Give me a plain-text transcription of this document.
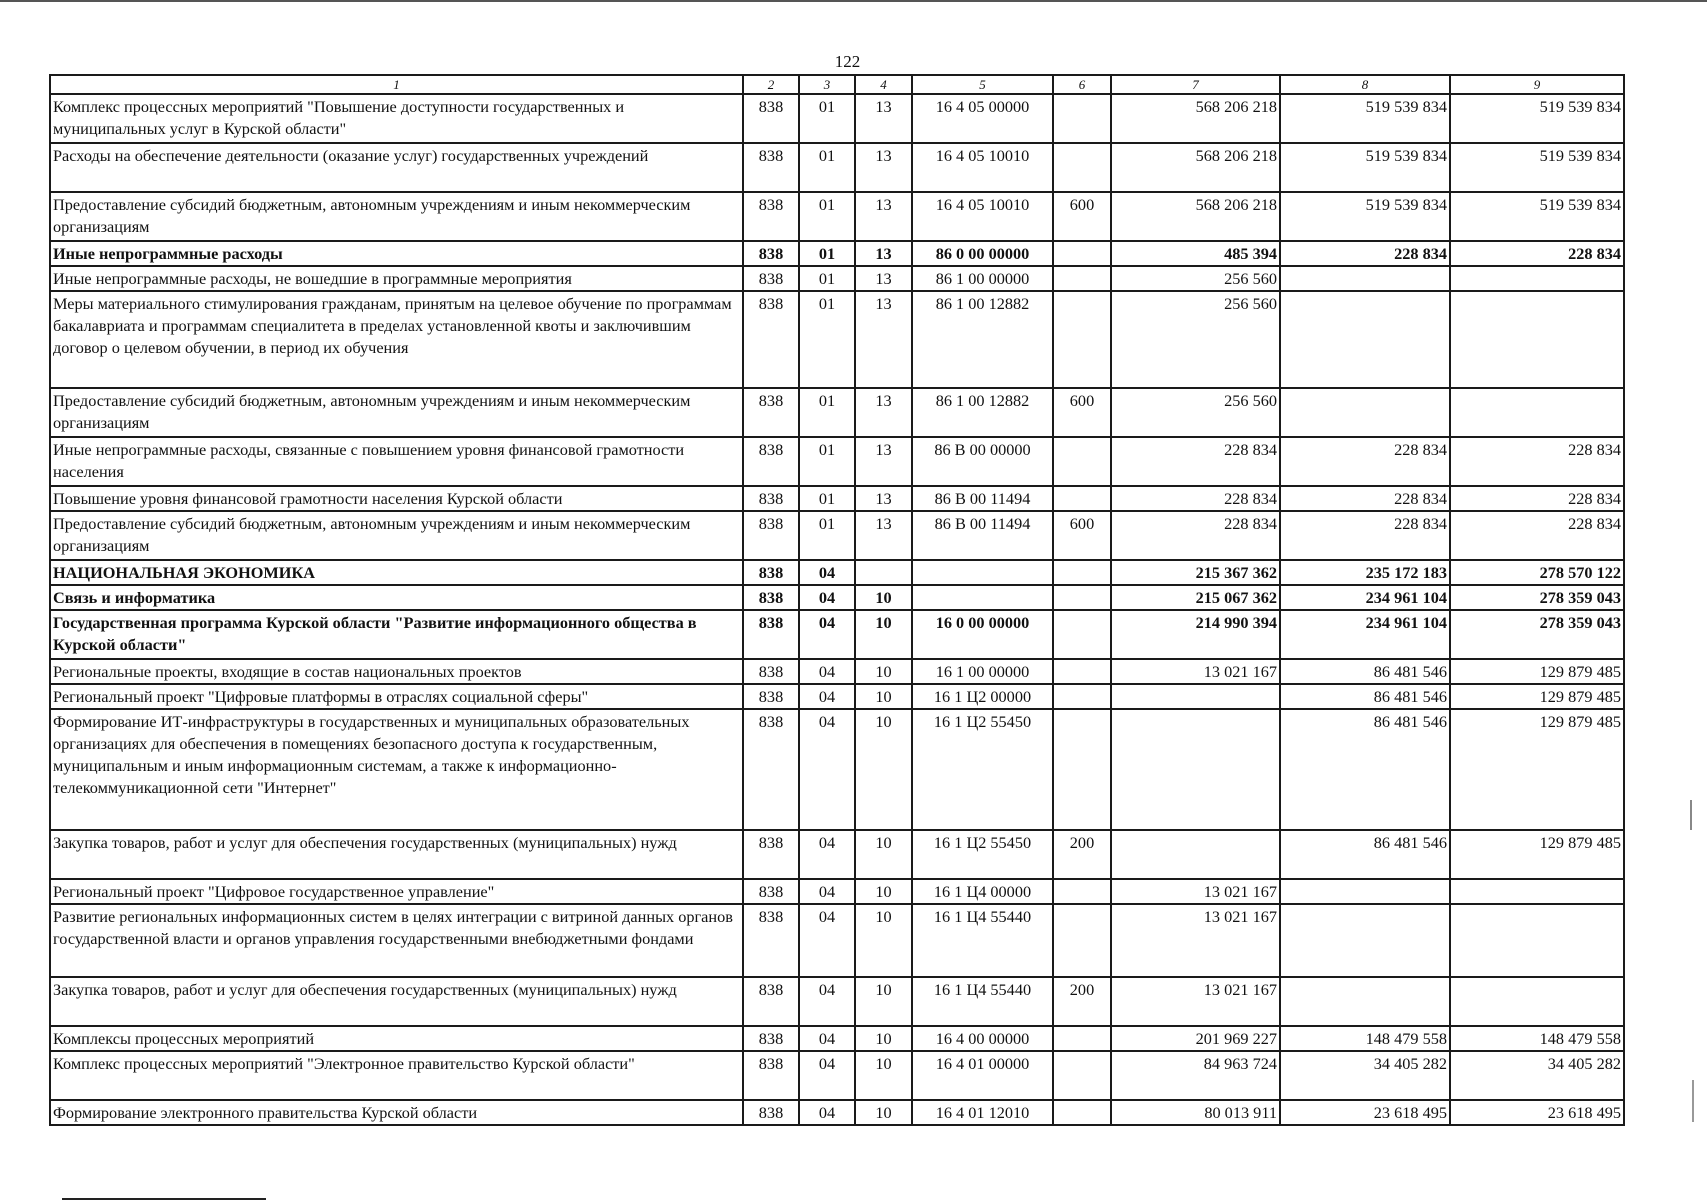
122
1	2	3	4	5	6	7	8	9
Комплекс процессных мероприятий "Повышение доступности государственных и муниципальных услуг в Курской области"	838	01	13	16 4 05 00000		568 206 218	519 539 834	519 539 834
Расходы на обеспечение деятельности (оказание услуг) государственных учреждений	838	01	13	16 4 05 10010		568 206 218	519 539 834	519 539 834
Предоставление субсидий бюджетным, автономным учреждениям и иным некоммерческим организациям	838	01	13	16 4 05 10010	600	568 206 218	519 539 834	519 539 834
Иные непрограммные расходы	838	01	13	86 0 00 00000		485 394	228 834	228 834
Иные непрограммные расходы, не вошедшие в программные мероприятия	838	01	13	86 1 00 00000		256 560		
Меры материального стимулирования гражданам, принятым на целевое обучение по программам бакалавриата и программам специалитета в пределах установленной квоты и заключившим договор о целевом обучении, в период их обучения	838	01	13	86 1 00 12882		256 560		
Предоставление субсидий бюджетным, автономным учреждениям и иным некоммерческим организациям	838	01	13	86 1 00 12882	600	256 560		
Иные непрограммные расходы, связанные с повышением уровня финансовой грамотности населения	838	01	13	86 В 00 00000		228 834	228 834	228 834
Повышение уровня финансовой грамотности населения Курской области	838	01	13	86 В 00 11494		228 834	228 834	228 834
Предоставление субсидий бюджетным, автономным учреждениям и иным некоммерческим организациям	838	01	13	86 В 00 11494	600	228 834	228 834	228 834
НАЦИОНАЛЬНАЯ ЭКОНОМИКА	838	04				215 367 362	235 172 183	278 570 122
Связь и информатика	838	04	10			215 067 362	234 961 104	278 359 043
Государственная программа Курской области "Развитие информационного общества в Курской области"	838	04	10	16 0 00 00000		214 990 394	234 961 104	278 359 043
Региональные проекты, входящие в состав национальных проектов	838	04	10	16 1 00 00000		13 021 167	86 481 546	129 879 485
Региональный проект "Цифровые платформы в отраслях социальной сферы"	838	04	10	16 1 Ц2 00000			86 481 546	129 879 485
Формирование ИТ-инфраструктуры в государственных и муниципальных образовательных организациях для обеспечения в помещениях безопасного доступа к государственным, муниципальным и иным информационным системам, а также к информационно-телекоммуникационной сети "Интернет"	838	04	10	16 1 Ц2 55450			86 481 546	129 879 485
Закупка товаров, работ и услуг для обеспечения государственных (муниципальных) нужд	838	04	10	16 1 Ц2 55450	200		86 481 546	129 879 485
Региональный проект "Цифровое государственное управление"	838	04	10	16 1 Ц4 00000		13 021 167		
Развитие региональных информационных систем в целях интеграции с витриной данных органов государственной власти и органов управления государственными внебюджетными фондами	838	04	10	16 1 Ц4 55440		13 021 167		
Закупка товаров, работ и услуг для обеспечения государственных (муниципальных) нужд	838	04	10	16 1 Ц4 55440	200	13 021 167		
Комплексы процессных мероприятий	838	04	10	16 4 00 00000		201 969 227	148 479 558	148 479 558
Комплекс процессных мероприятий "Электронное правительство Курской области"	838	04	10	16 4 01 00000		84 963 724	34 405 282	34 405 282
Формирование электронного правительства Курской области	838	04	10	16 4 01 12010		80 013 911	23 618 495	23 618 495
